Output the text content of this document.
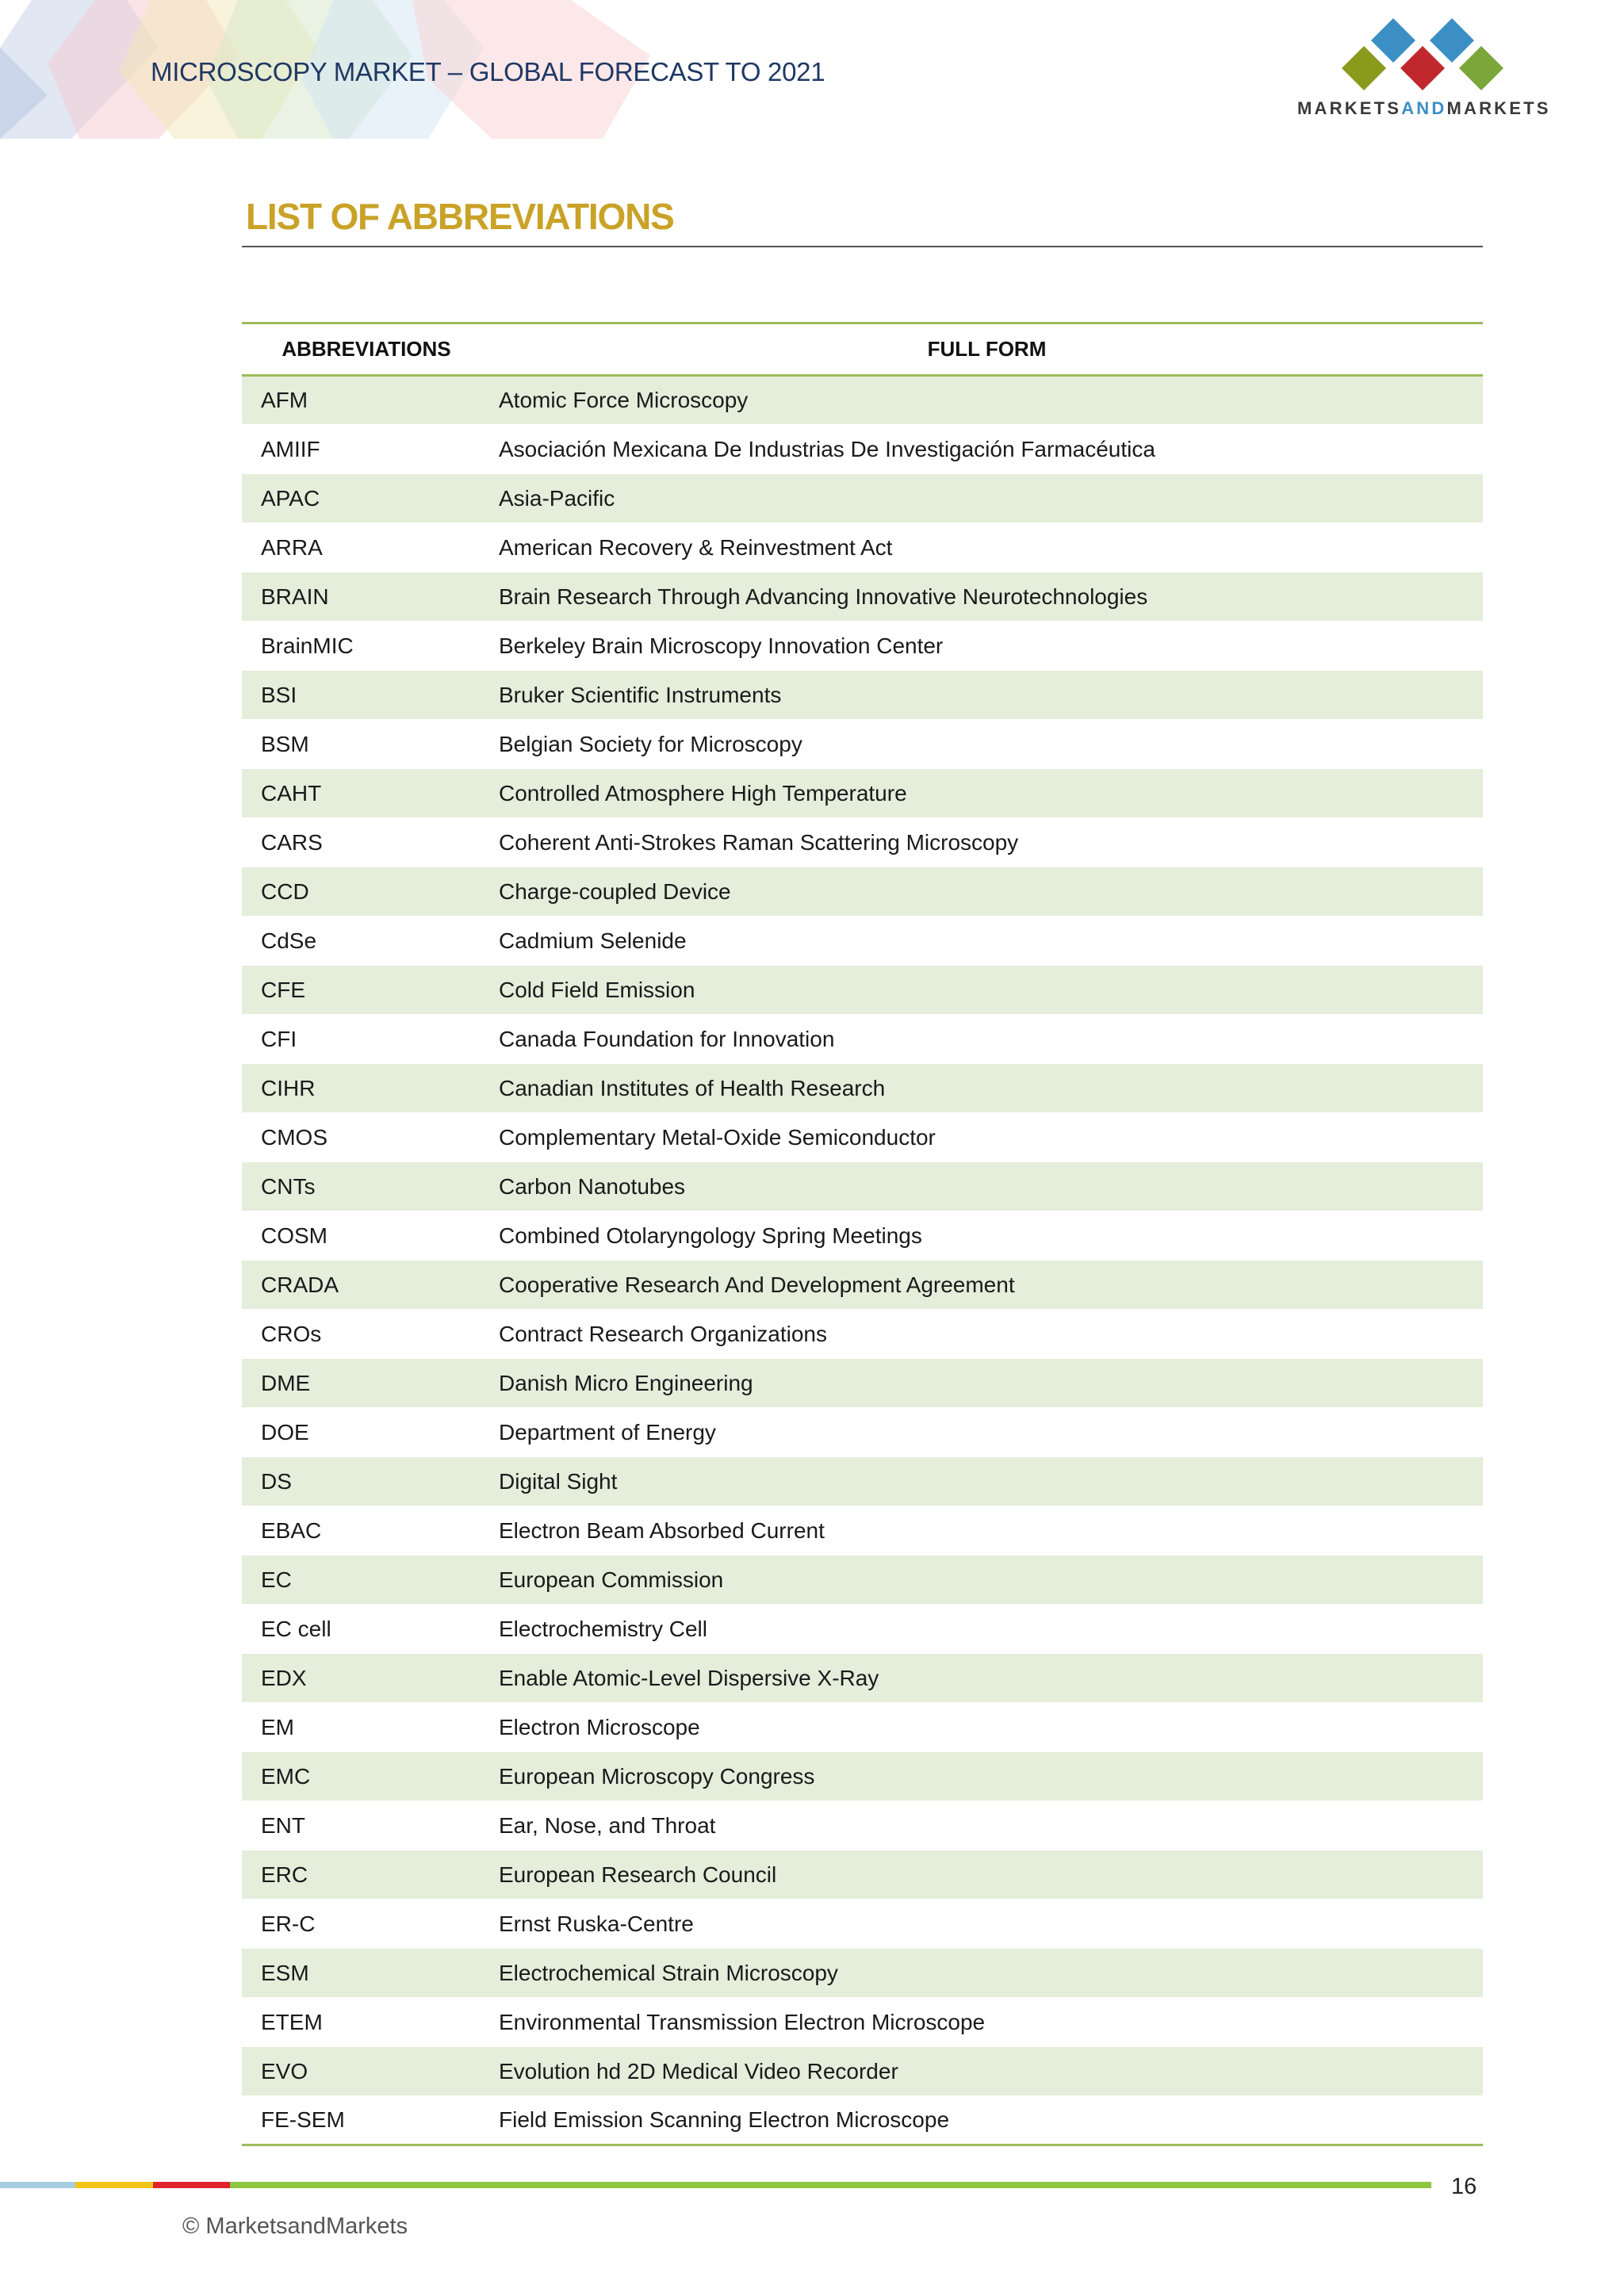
MICROSCOPY MARKET – GLOBAL FORECAST TO 2021
MARKETSANDMARKETS
LIST OF ABBREVIATIONS
ABBREVIATIONS	FULL FORM
AFM	Atomic Force Microscopy
AMIIF	Asociación Mexicana De Industrias De Investigación Farmacéutica
APAC	Asia-Pacific
ARRA	American Recovery & Reinvestment Act
BRAIN	Brain Research Through Advancing Innovative Neurotechnologies
BrainMIC	Berkeley Brain Microscopy Innovation Center
BSI	Bruker Scientific Instruments
BSM	Belgian Society for Microscopy
CAHT	Controlled Atmosphere High Temperature
CARS	Coherent Anti-Strokes Raman Scattering Microscopy
CCD	Charge-coupled Device
CdSe	Cadmium Selenide
CFE	Cold Field Emission
CFI	Canada Foundation for Innovation
CIHR	Canadian Institutes of Health Research
CMOS	Complementary Metal-Oxide Semiconductor
CNTs	Carbon Nanotubes
COSM	Combined Otolaryngology Spring Meetings
CRADA	Cooperative Research And Development Agreement
CROs	Contract Research Organizations
DME	Danish Micro Engineering
DOE	Department of Energy
DS	Digital Sight
EBAC	Electron Beam Absorbed Current
EC	European Commission
EC cell	Electrochemistry Cell
EDX	Enable Atomic-Level Dispersive X-Ray
EM	Electron Microscope
EMC	European Microscopy Congress
ENT	Ear, Nose, and Throat
ERC	European Research Council
ER-C	Ernst Ruska-Centre
ESM	Electrochemical Strain Microscopy
ETEM	Environmental Transmission Electron Microscope
EVO	Evolution hd 2D Medical Video Recorder
FE-SEM	Field Emission Scanning Electron Microscope
16
© MarketsandMarkets
